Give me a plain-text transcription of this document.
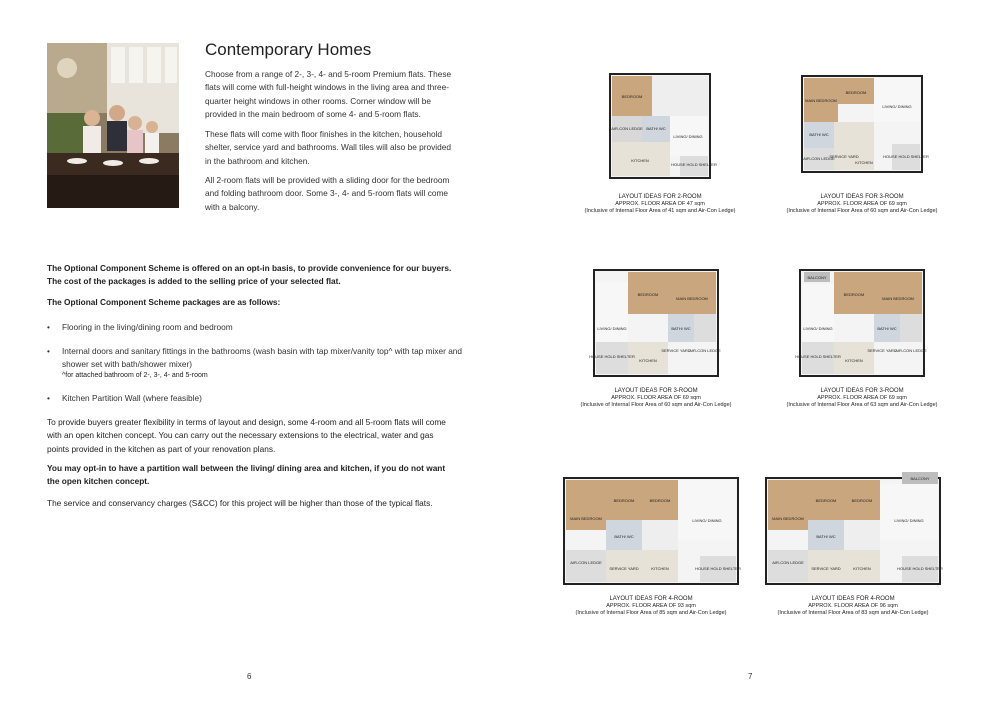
Contemporary Homes

Choose from a range of 2-, 3-, 4- and 5-room Premium flats. These flats will come with full-height windows in the living area and three-quarter height windows in other rooms. Corner window will be provided in the main bedroom of some 4- and 5-room flats.

These flats will come with floor finishes in the kitchen, household shelter, service yard and bathrooms. Wall tiles will also be provided in the bathroom and kitchen.

All 2-room flats will be provided with a sliding door for the bedroom and folding bathroom door. Some 3-, 4- and 5-room flats will come with a balcony.

The Optional Component Scheme is offered on an opt-in basis, to provide convenience for our buyers. The cost of the packages is added to the selling price of your selected flat.

The Optional Component Scheme packages are as follows:

• Flooring in the living/dining room and bedroom

• Internal doors and sanitary fittings in the bathrooms (wash basin with tap mixer/vanity top^ with tap mixer and shower set with bath/shower mixer)

^for attached bathroom of 2-, 3-, 4- and 5-room

• Kitchen Partition Wall (where feasible)

To provide buyers greater flexibility in terms of layout and design, some 4-room and all 5-room flats will come with an open kitchen concept. You can carry out the necessary extensions to the electrical, water and gas points provided in the kitchen as part of your renovation plans.

You may opt-in to have a partition wall between the living/ dining area and kitchen, if you do not want the open kitchen concept.

The service and conservancy charges (S&CC) for this project will be higher than those of the typical flats.

6
BEDROOM
LIVING/ DINING
BATH/ WC
AIR-CON LEDGE
HOUSE HOLD SHELTER
KITCHEN
LAYOUT IDEAS FOR 2-ROOM
APPROX. FLOOR AREA OF 47 sqm
(Inclusive of Internal Floor Area of 41 sqm and Air-Con Ledge)
BEDROOM
MAIN BEDROOM
LIVING/ DINING
BATH/ WC
AIR-CON LEDGE
SERVICE YARD
KITCHEN
HOUSE HOLD SHELTER
LAYOUT IDEAS FOR 3-ROOM
APPROX. FLOOR AREA OF 69 sqm
(Inclusive of Internal Floor Area of 60 sqm and Air-Con Ledge)
BEDROOM
MAIN BEDROOM
LIVING/ DINING	BATH/ WC
AIR-CON LEDGE
SERVICE YARD
KITCHEN
HOUSE HOLD SHELTER
LAYOUT IDEAS FOR 3-ROOM
APPROX. FLOOR AREA OF 69 sqm
(Inclusive of Internal Floor Area of 60 sqm and Air-Con Ledge)
BALCONY
BEDROOM
MAIN BEDROOM
LIVING/ DINING	BATH/ WC
AIR-CON LEDGE
SERVICE YARD
KITCHEN
HOUSE HOLD SHELTER
LAYOUT IDEAS FOR 3-ROOM
APPROX. FLOOR AREA OF 69 sqm
(Inclusive of Internal Floor Area of 63 sqm and Air-Con Ledge)
BEDROOM	BEDROOM
MAIN BEDROOM	LIVING/ DINING
BATH/ WC
AIR-CON LEDGE
SERVICE YARD	KITCHEN	HOUSE HOLD SHELTER
LAYOUT IDEAS FOR 4-ROOM
APPROX. FLOOR AREA OF 93 sqm
(Inclusive of Internal Floor Area of 85 sqm and Air-Con Ledge)
BALCONY
BEDROOM	BEDROOM
MAIN BEDROOM	LIVING/ DINING
BATH/ WC
AIR-CON LEDGE
SERVICE YARD	KITCHEN	HOUSE HOLD SHELTER
LAYOUT IDEAS FOR 4-ROOM
APPROX. FLOOR AREA OF 96 sqm
(Inclusive of Internal Floor Area of 83 sqm and Air-Con Ledge)
7
